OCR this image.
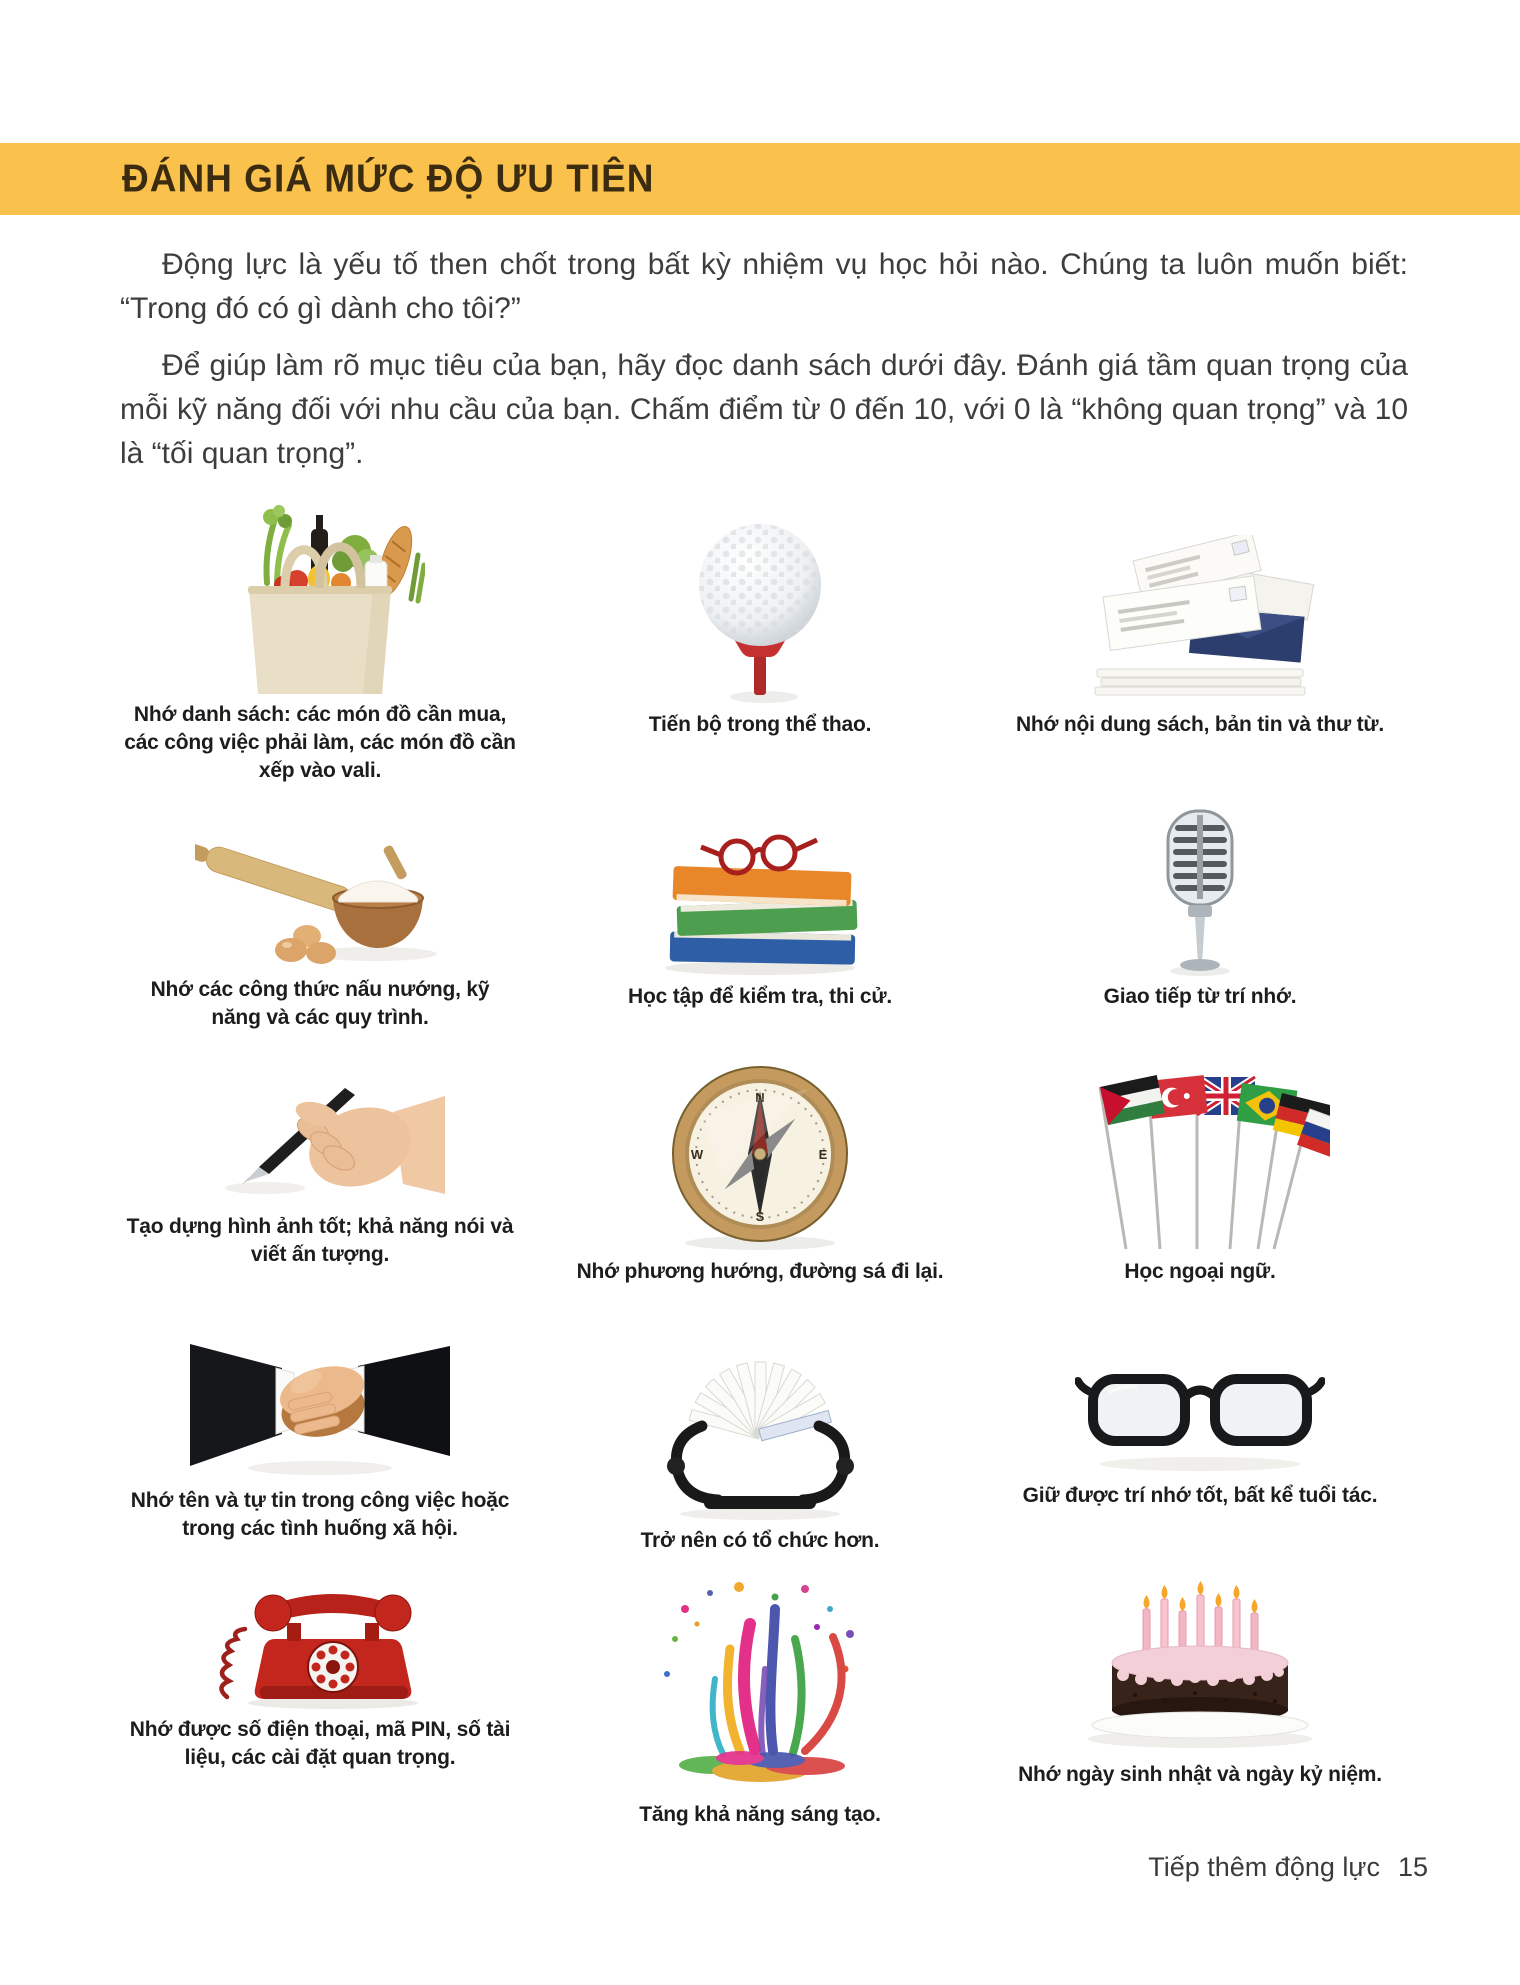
ĐÁNH GIÁ MỨC ĐỘ ƯU TIÊN

Động lực là yếu tố then chốt trong bất kỳ nhiệm vụ học hỏi nào. Chúng ta luôn muốn biết: “Trong đó có gì dành cho tôi?”

Để giúp làm rõ mục tiêu của bạn, hãy đọc danh sách dưới đây. Đánh giá tầm quan trọng của mỗi kỹ năng đối với nhu cầu của bạn. Chấm điểm từ 0 đến 10, với 0 là “không quan trọng” và 10 là “tối quan trọng”.

Nhớ danh sách: các món đồ cần mua, các công việc phải làm, các món đồ cần xếp vào vali.
Tiến bộ trong thể thao.	Nhớ nội dung sách, bản tin và thư từ.
Nhớ các công thức nấu nướng, kỹ năng và các quy trình.
Học tập để kiểm tra, thi cử.	Giao tiếp từ trí nhớ.
Tạo dựng hình ảnh tốt; khả năng nói và viết ấn tượng.
N
W	E
S
Nhớ phương hướng, đường sá đi lại.	Học ngoại ngữ.
Nhớ tên và tự tin trong công việc hoặc trong các tình huống xã hội.
Trở nên có tổ chức hơn.
Giữ được trí nhớ tốt, bất kể tuổi tác.
Nhớ được số điện thoại, mã PIN, số tài liệu, các cài đặt quan trọng.
Tăng khả năng sáng tạo.
Nhớ ngày sinh nhật và ngày kỷ niệm.
Tiếp thêm động lực 15
